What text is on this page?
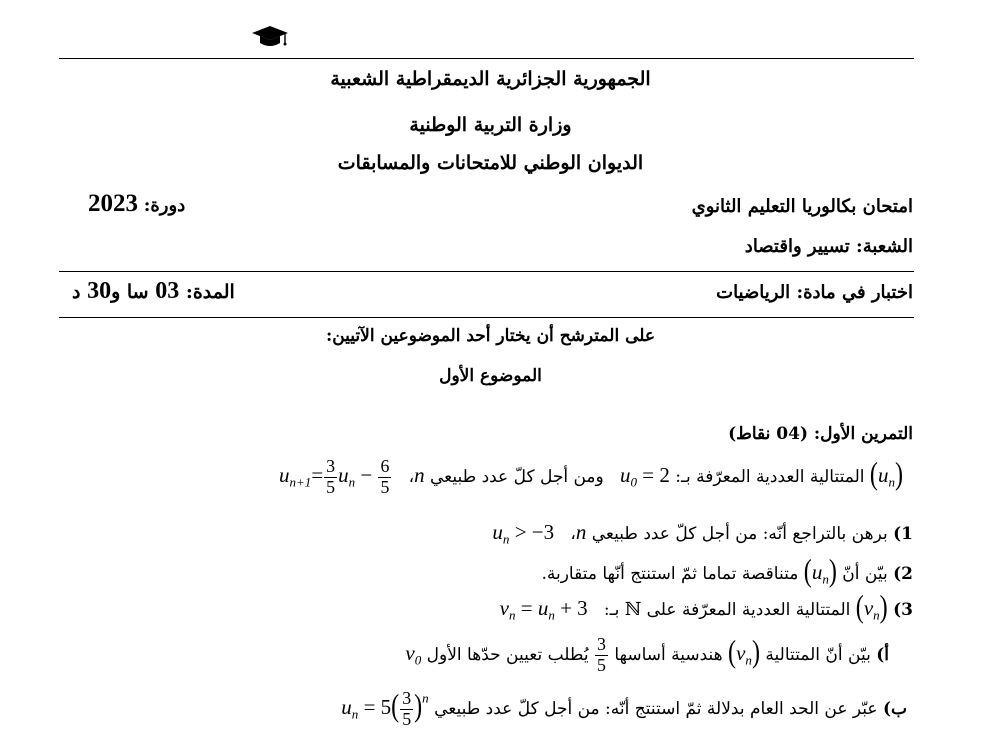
الجمهورية الجزائرية الديمقراطية الشعبية
وزارة التربية الوطنية
الديوان الوطني للامتحانات والمسابقات
امتحان بكالوريا التعليم الثانوي
دورة: 2023
الشعبة: تسيير واقتصاد
اختبار في مادة: الرياضيات
المدة: 03 سا و30 د
على المترشح أن يختار أحد الموضوعين الآتيين:
الموضوع الأول
التمرين الأول: (04 نقاط)
$(u_n)$ المتتالية العددية المعرّفة بـ: $u_0 = 2$   ومن أجل كلّ عدد طبيعي n،   $u_{n+1}= \frac{3}{5} u_n - \frac{6}{5}$
1) برهن بالتراجع أنّه: من أجل كلّ عدد طبيعي n،   $u_n > -3$
2) بيّن أنّ $(u_n)$ متناقصة تماما ثمّ استنتج أنّها متقاربة.
3) $(v_n)$ المتتالية العددية المعرّفة على ℕ بـ:   $v_n = u_n + 3$
أ) بيّن أنّ المتتالية $(v_n)$ هندسية أساسها
$\frac{3}{5}$
يُطلب تعيين حدّها الأول $v_0$
ب) عبّر عن الحد العام بدلالة ثمّ استنتج أنّه: من أجل كلّ عدد طبيعي  $u_n = 5( \frac{3}{5} )^n$
